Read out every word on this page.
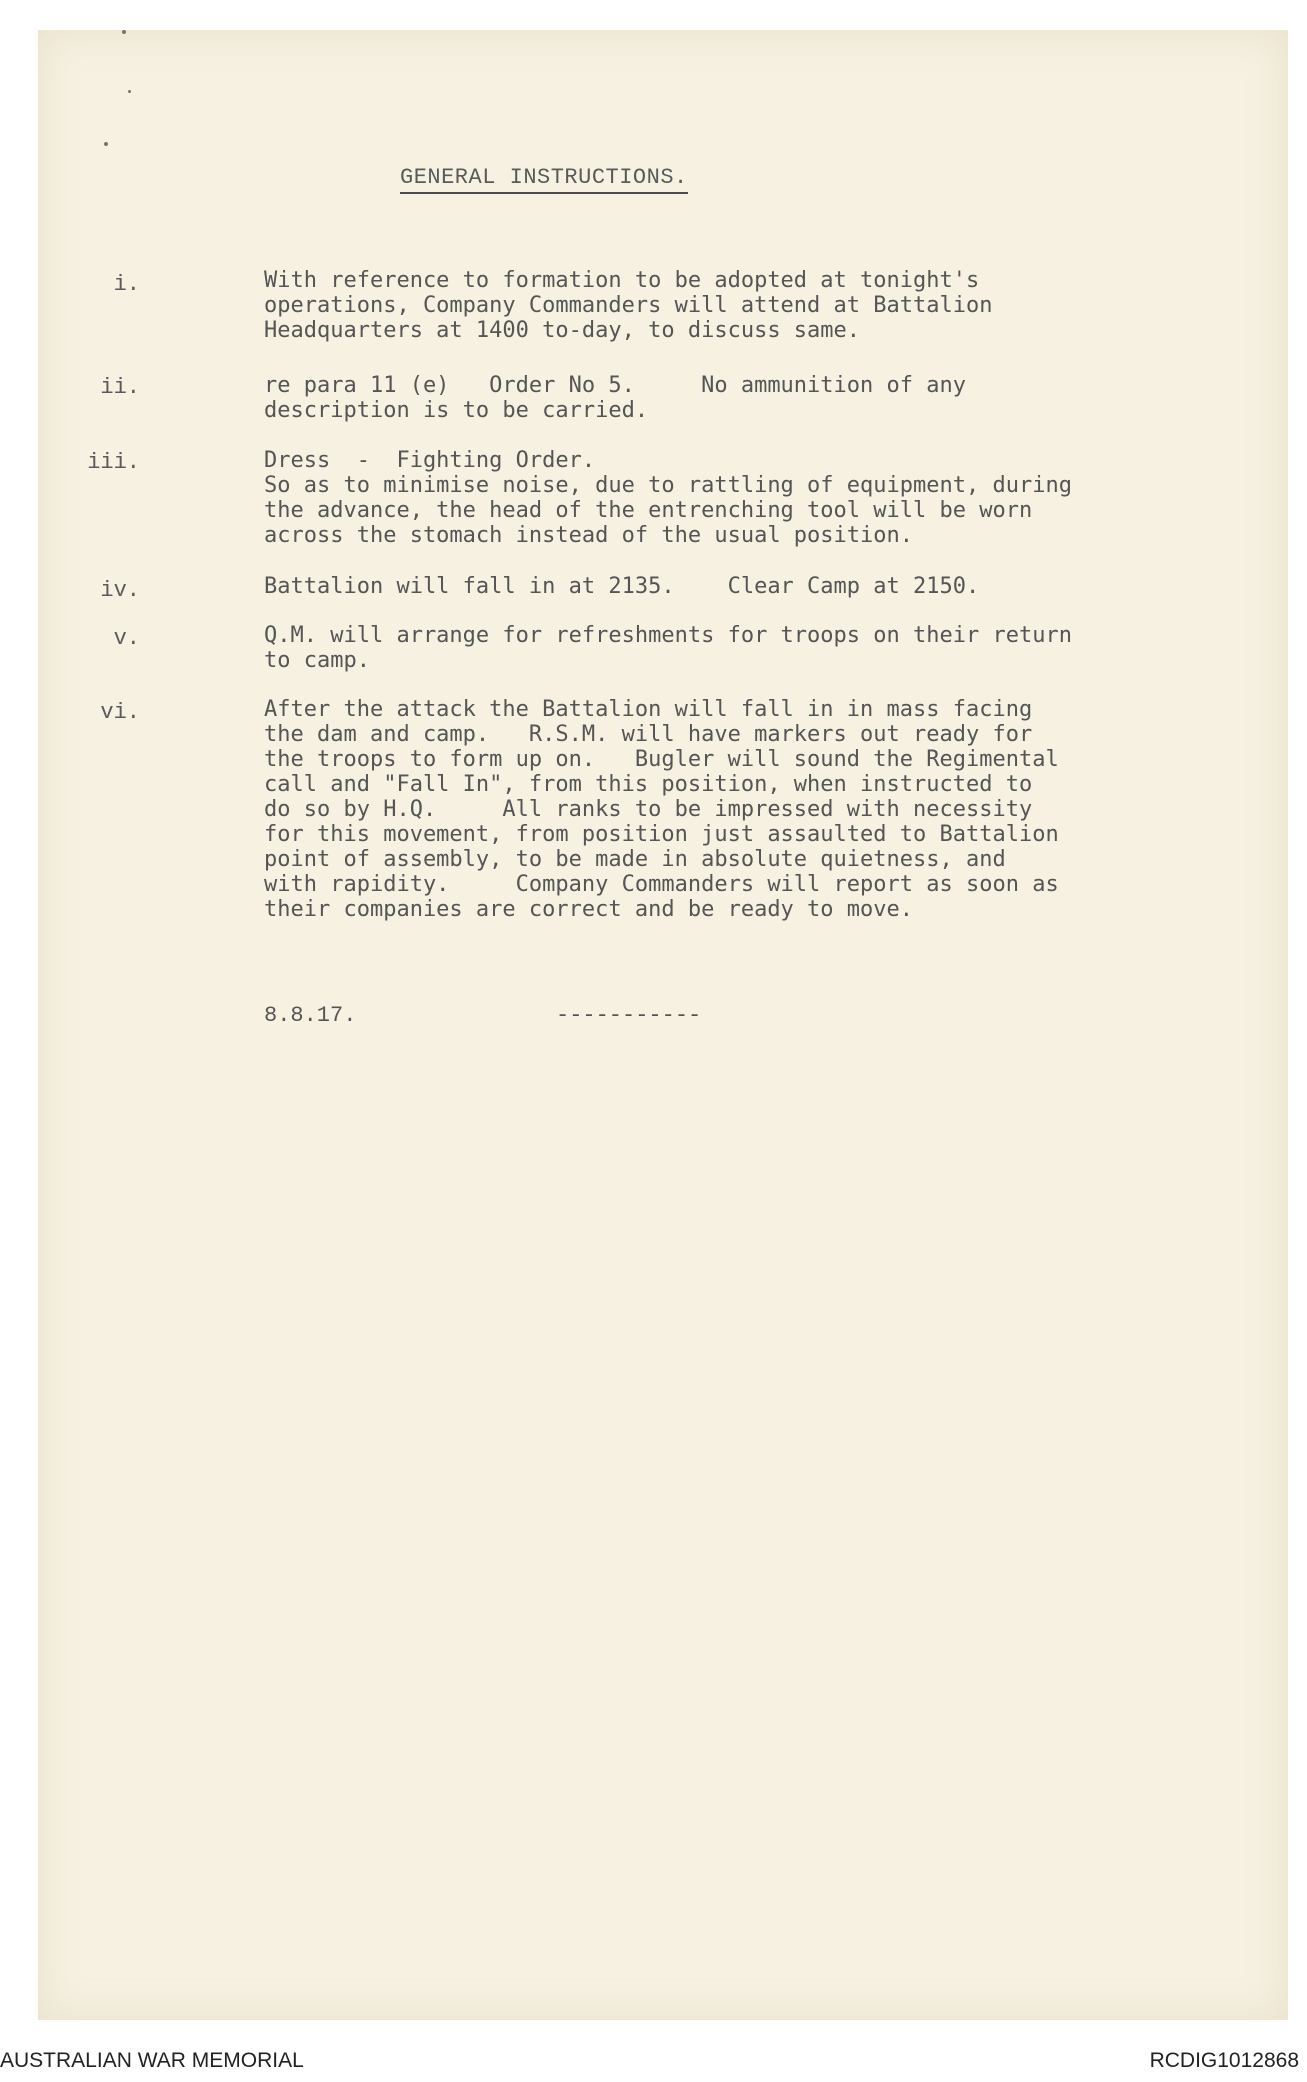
GENERAL INSTRUCTIONS.
i.	With reference to formation to be adopted at tonight's
operations, Company Commanders will attend at Battalion
Headquarters at 1400 to-day, to discuss same.
ii.	re para 11 (e)   Order No 5.     No ammunition of any
description is to be carried.
iii.	Dress  -  Fighting Order.
So as to minimise noise, due to rattling of equipment, during
the advance, the head of the entrenching tool will be worn
across the stomach instead of the usual position.
iv.	Battalion will fall in at 2135.    Clear Camp at 2150.
v.	Q.M. will arrange for refreshments for troops on their return
to camp.
vi.	After the attack the Battalion will fall in in mass facing
the dam and camp.   R.S.M. will have markers out ready for
the troops to form up on.   Bugler will sound the Regimental
call and "Fall In", from this position, when instructed to
do so by H.Q.     All ranks to be impressed with necessity
for this movement, from position just assaulted to Battalion
point of assembly, to be made in absolute quietness, and
with rapidity.     Company Commanders will report as soon as
their companies are correct and be ready to move.
8.8.17.	-----------
AUSTRALIAN WAR MEMORIAL	RCDIG1012868
